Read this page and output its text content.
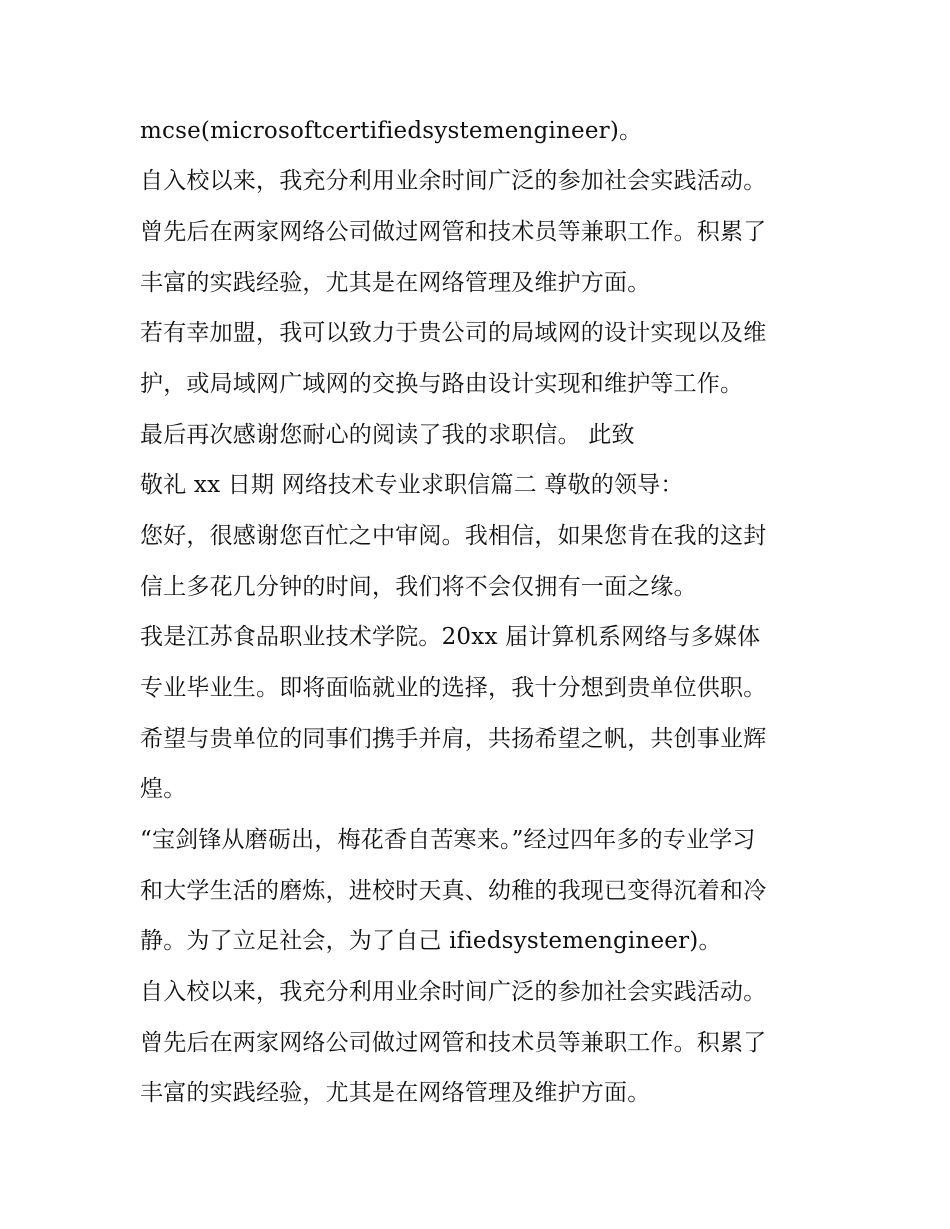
mcse(microsoftcertifiedsystemengineer)。
自入校以来，我充分利用业余时间广泛的参加社会实践活动。
曾先后在两家网络公司做过网管和技术员等兼职工作。积累了
丰富的实践经验，尤其是在网络管理及维护方面。
若有幸加盟，我可以致力于贵公司的局域网的设计实现以及维
护，或局域网广域网的交换与路由设计实现和维护等工作。
最后再次感谢您耐心的阅读了我的求职信。 此致
敬礼 xx 日期 网络技术专业求职信篇二 尊敬的领导：
您好，很感谢您百忙之中审阅。我相信，如果您肯在我的这封
信上多花几分钟的时间，我们将不会仅拥有一面之缘。
我是江苏食品职业技术学院。20xx 届计算机系网络与多媒体
专业毕业生。即将面临就业的选择，我十分想到贵单位供职。
希望与贵单位的同事们携手并肩，共扬希望之帆，共创事业辉
煌。
“宝剑锋从磨砺出，梅花香自苦寒来。”经过四年多的专业学习
和大学生活的磨炼，进校时天真、幼稚的我现已变得沉着和冷
静。为了立足社会，为了自己 ifiedsystemengineer)。
自入校以来，我充分利用业余时间广泛的参加社会实践活动。
曾先后在两家网络公司做过网管和技术员等兼职工作。积累了
丰富的实践经验，尤其是在网络管理及维护方面。
